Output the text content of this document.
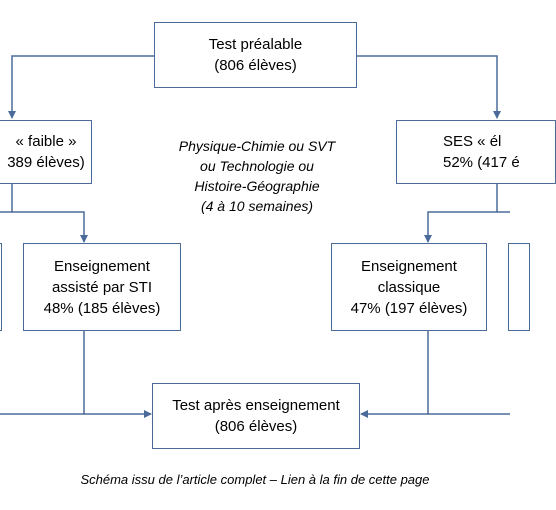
Test préalable
(806 élèves)
« faible »
389 élèves)
SES « él
52% (417 é
Physique-Chimie ou SVT
ou Technologie ou
Histoire-Géographie
(4 à 10 semaines)
Enseignement
assisté par STI
48% (185 élèves)
Enseignement
classique
47% (197 élèves)
Test après enseignement
(806 élèves)
Schéma issu de l’article complet – Lien à la fin de cette page
